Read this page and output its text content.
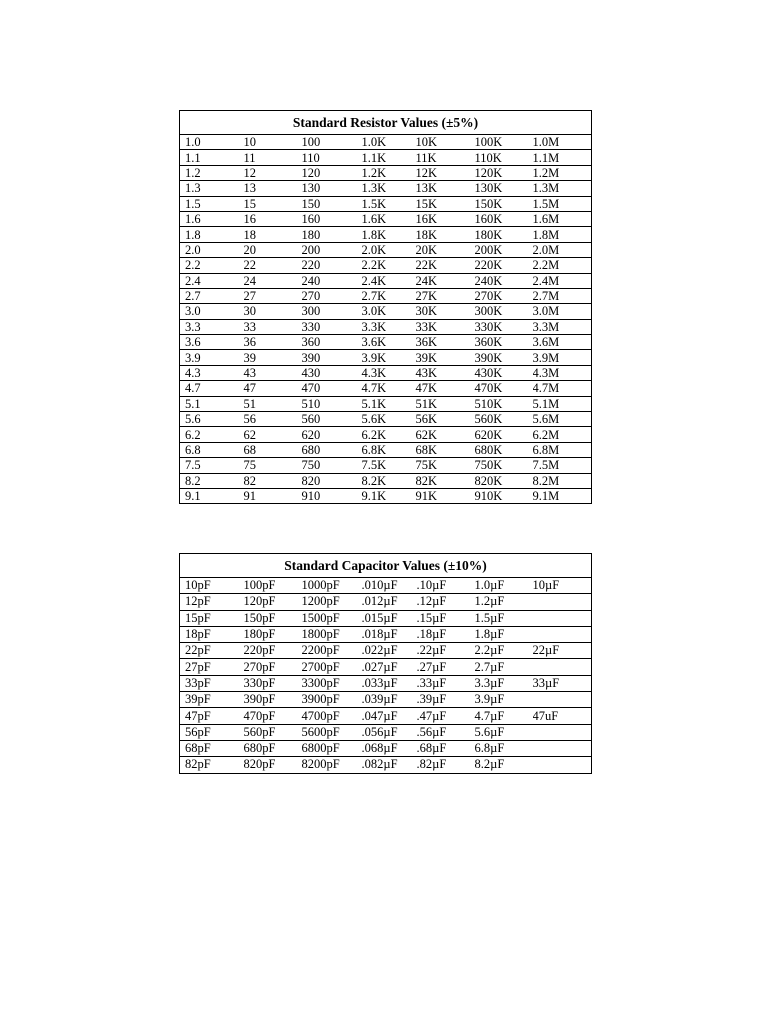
Standard Resistor Values (±5%)						
1.0	10	100	1.0K	10K	100K	1.0M
1.1	11	110	1.1K	11K	110K	1.1M
1.2	12	120	1.2K	12K	120K	1.2M
1.3	13	130	1.3K	13K	130K	1.3M
1.5	15	150	1.5K	15K	150K	1.5M
1.6	16	160	1.6K	16K	160K	1.6M
1.8	18	180	1.8K	18K	180K	1.8M
2.0	20	200	2.0K	20K	200K	2.0M
2.2	22	220	2.2K	22K	220K	2.2M
2.4	24	240	2.4K	24K	240K	2.4M
2.7	27	270	2.7K	27K	270K	2.7M
3.0	30	300	3.0K	30K	300K	3.0M
3.3	33	330	3.3K	33K	330K	3.3M
3.6	36	360	3.6K	36K	360K	3.6M
3.9	39	390	3.9K	39K	390K	3.9M
4.3	43	430	4.3K	43K	430K	4.3M
4.7	47	470	4.7K	47K	470K	4.7M
5.1	51	510	5.1K	51K	510K	5.1M
5.6	56	560	5.6K	56K	560K	5.6M
6.2	62	620	6.2K	62K	620K	6.2M
6.8	68	680	6.8K	68K	680K	6.8M
7.5	75	750	7.5K	75K	750K	7.5M
8.2	82	820	8.2K	82K	820K	8.2M
9.1	91	910	9.1K	91K	910K	9.1M
Standard Capacitor Values (±10%)						
10pF	100pF	1000pF	.010µF	.10µF	1.0µF	10µF
12pF	120pF	1200pF	.012µF	.12µF	1.2µF	
15pF	150pF	1500pF	.015µF	.15µF	1.5µF	
18pF	180pF	1800pF	.018µF	.18µF	1.8µF	
22pF	220pF	2200pF	.022µF	.22µF	2.2µF	22µF
27pF	270pF	2700pF	.027µF	.27µF	2.7µF	
33pF	330pF	3300pF	.033µF	.33µF	3.3µF	33µF
39pF	390pF	3900pF	.039µF	.39µF	3.9µF	
47pF	470pF	4700pF	.047µF	.47µF	4.7µF	47uF
56pF	560pF	5600pF	.056µF	.56µF	5.6µF	
68pF	680pF	6800pF	.068µF	.68µF	6.8µF	
82pF	820pF	8200pF	.082µF	.82µF	8.2µF	
